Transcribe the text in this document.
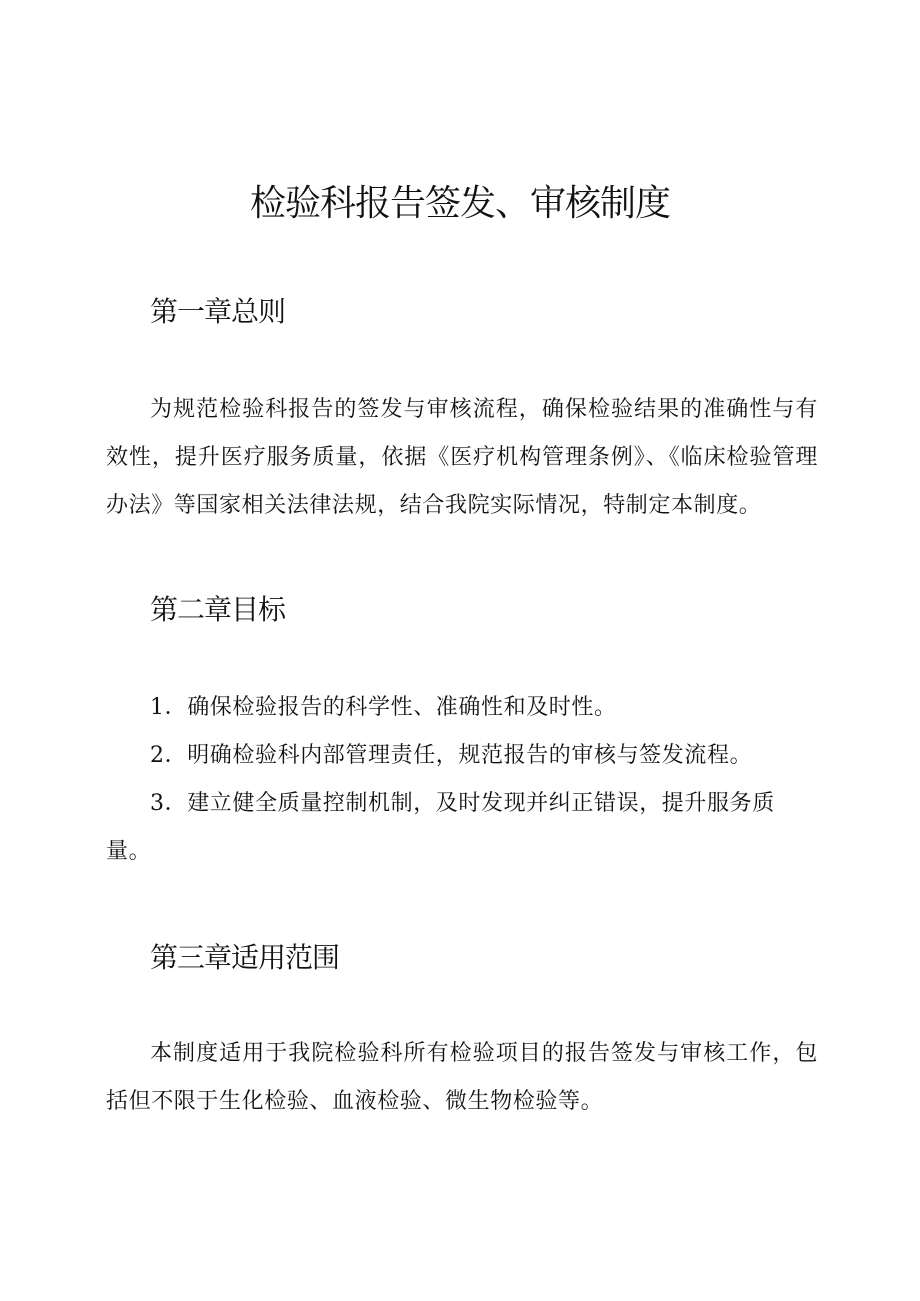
检验科报告签发、审核制度
第一章总则

为规范检验科报告的签发与审核流程，确保检验结果的准确性与有效性，提升医疗服务质量，依据《医疗机构管理条例》、《临床检验管理办法》等国家相关法律法规，结合我院实际情况，特制定本制度。

第二章目标

1．确保检验报告的科学性、准确性和及时性。

2．明确检验科内部管理责任，规范报告的审核与签发流程。

3．建立健全质量控制机制，及时发现并纠正错误，提升服务质量。

第三章适用范围

本制度适用于我院检验科所有检验项目的报告签发与审核工作，包括但不限于生化检验、血液检验、微生物检验等。
